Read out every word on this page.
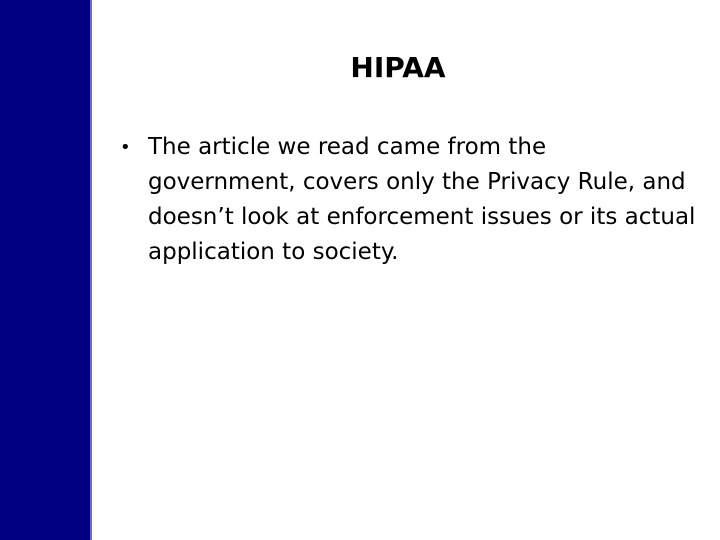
HIPAA
• The article we read came from the government, covers only the Privacy Rule, and doesn’t look at enforcement issues or its actual application to society.
